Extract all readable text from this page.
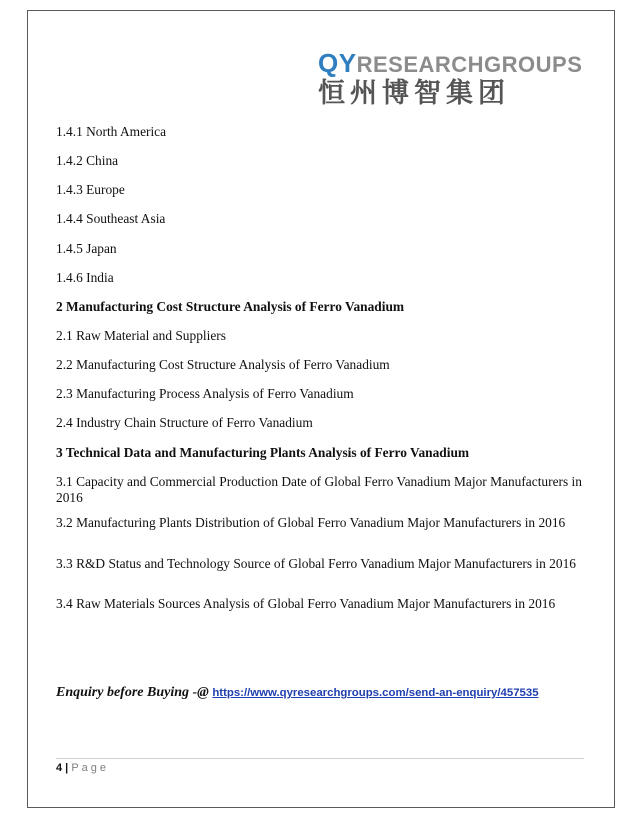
QYRESEARCHGROUPS
恒州博智集团
1.4.1 North America
1.4.2 China
1.4.3 Europe
1.4.4 Southeast Asia
1.4.5 Japan
1.4.6 India
2 Manufacturing Cost Structure Analysis of Ferro Vanadium
2.1 Raw Material and Suppliers
2.2 Manufacturing Cost Structure Analysis of Ferro Vanadium
2.3 Manufacturing Process Analysis of Ferro Vanadium
2.4 Industry Chain Structure of Ferro Vanadium
3 Technical Data and Manufacturing Plants Analysis of Ferro Vanadium
3.1 Capacity and Commercial Production Date of Global Ferro Vanadium Major Manufacturers in 2016
3.2 Manufacturing Plants Distribution of Global Ferro Vanadium Major Manufacturers in 2016
3.3 R&D Status and Technology Source of Global Ferro Vanadium Major Manufacturers in 2016
3.4 Raw Materials Sources Analysis of Global Ferro Vanadium Major Manufacturers in 2016
Enquiry before Buying -@ https://www.qyresearchgroups.com/send-an-enquiry/457535
4 | Page
